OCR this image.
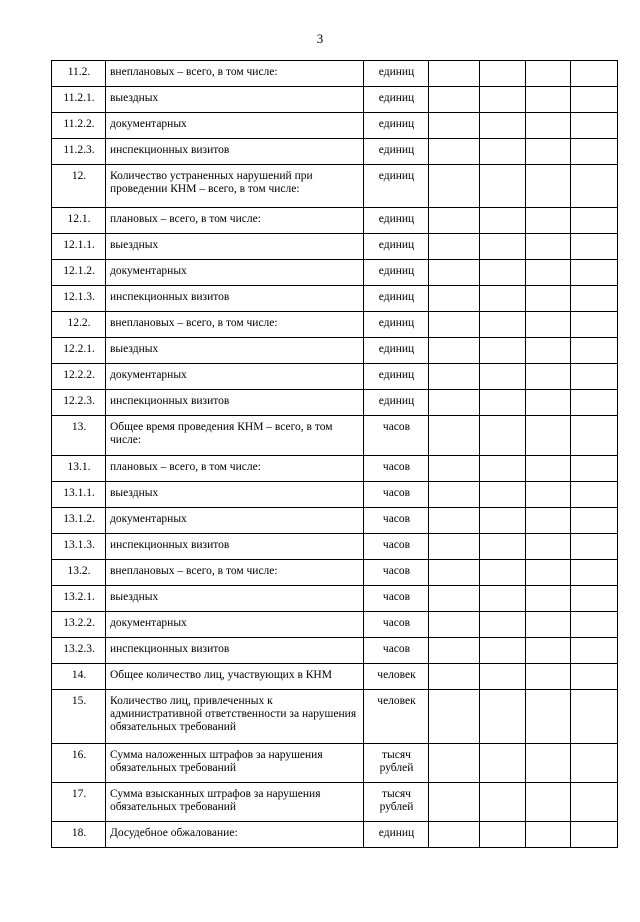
3
11.2.	внеплановых – всего, в том числе:	единиц				
11.2.1.	выездных	единиц				
11.2.2.	документарных	единиц				
11.2.3.	инспекционных визитов	единиц				
12.	Количество устраненных нарушений при проведении КНМ – всего, в том числе:	единиц				
12.1.	плановых – всего, в том числе:	единиц				
12.1.1.	выездных	единиц				
12.1.2.	документарных	единиц				
12.1.3.	инспекционных визитов	единиц				
12.2.	внеплановых – всего, в том числе:	единиц				
12.2.1.	выездных	единиц				
12.2.2.	документарных	единиц				
12.2.3.	инспекционных визитов	единиц				
13.	Общее время проведения КНМ – всего, в том числе:	часов				
13.1.	плановых – всего, в том числе:	часов				
13.1.1.	выездных	часов				
13.1.2.	документарных	часов				
13.1.3.	инспекционных визитов	часов				
13.2.	внеплановых – всего, в том числе:	часов				
13.2.1.	выездных	часов				
13.2.2.	документарных	часов				
13.2.3.	инспекционных визитов	часов				
14.	Общее количество лиц, участвующих в КНМ	человек				
15.	Количество лиц, привлеченных к административной ответственности за нарушения обязательных требований	человек				
16.	Сумма наложенных штрафов за нарушения обязательных требований	тысяч рублей				
17.	Сумма взысканных штрафов за нарушения обязательных требований	тысяч рублей				
18.	Досудебное обжалование:	единиц				
